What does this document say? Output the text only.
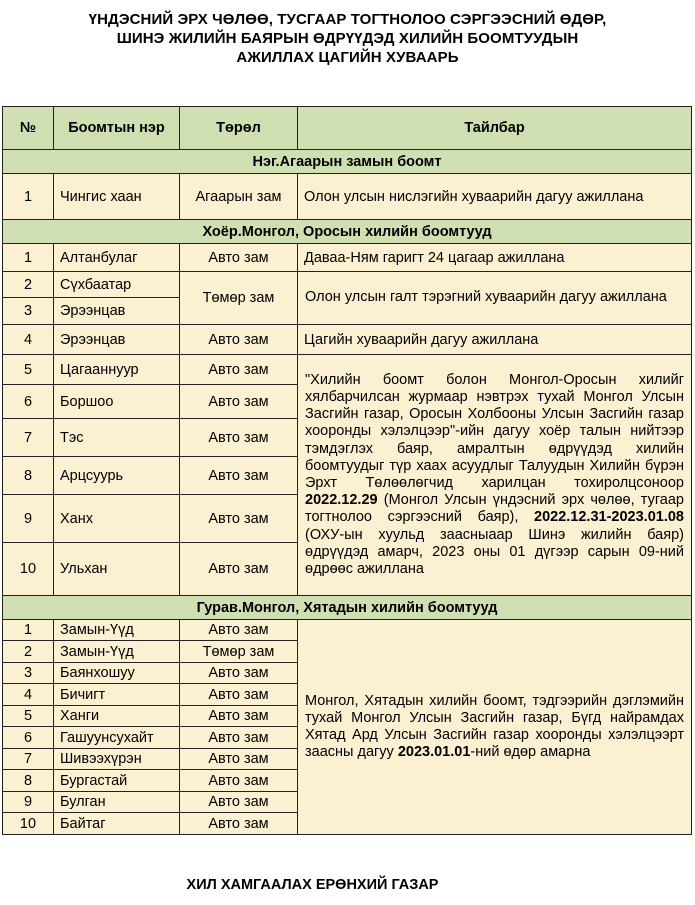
ҮНДЭСНИЙ ЭРХ ЧӨЛӨӨ, ТУСГААР ТОГТНОЛОО СЭРГЭЭСНИЙ ӨДӨР,
ШИНЭ ЖИЛИЙН БАЯРЫН ӨДРҮҮДЭД ХИЛИЙН БООМТУУДЫН
АЖИЛЛАХ ЦАГИЙН ХУВААРЬ
№	Боомтын нэр	Төрөл	Тайлбар
Нэг.Агаарын замын боомт			
1	Чингис хаан	Агаарын зам	Олон улсын нислэгийн хуваарийн дагуу ажиллана
Хоёр.Монгол, Оросын хилийн боомтууд			
1	Алтанбулаг	Авто зам	Даваа-Ням гаригт 24 цагаар ажиллана
2	Сүхбаатар	Төмөр зам	Олон улсын галт тэрэгний хуваарийн дагуу ажиллана
3	Эрээнцав		
4	Эрээнцав	Авто зам	Цагийн хуваарийн дагуу ажиллана
5	Цагааннуур	Авто зам	"Хилийн боомт болон Монгол-Оросын хилийг хялбарчилсан журмаар нэвтрэх тухай Монгол Улсын Засгийн газар, Оросын Холбооны Улсын Засгийн газар хооронды хэлэлцээр"-ийн дагуу хоёр талын нийтээр тэмдэглэх баяр, амралтын өдрүүдэд хилийн боомтуудыг түр хаах асуудлыг Талуудын Хилийн бүрэн Эрхт Төлөөлөгчид харилцан тохиролцсоноор 2022.12.29 (Монгол Улсын үндэсний эрх чөлөө, тугаар тогтнолоо сэргээсний баяр), 2022.12.31-2023.01.08 (ОХУ-ын хуульд заасныаар Шинэ жилийн баяр) өдрүүдэд амарч, 2023 оны 01 дүгээр сарын 09-ний өдрөөс ажиллана
6	Боршоо	Авто зам	
7	Тэс	Авто зам	
8	Арцсуурь	Авто зам	
9	Ханх	Авто зам	
10	Ульхан	Авто зам	
Гурав.Монгол, Хятадын хилийн боомтууд			
1	Замын-Үүд	Авто зам	Монгол, Хятадын хилийн боомт, тэдгээрийн дэглэмийн тухай Монгол Улсын Засгийн газар, Бүгд найрамдах Хятад Ард Улсын Засгийн газар хооронды хэлэлцээрт заасны дагуу 2023.01.01-ний өдөр амарна
2	Замын-Үүд	Төмөр зам	
3	Баянхошуу	Авто зам	
4	Бичигт	Авто зам	
5	Ханги	Авто зам	
6	Гашуунсухайт	Авто зам	
7	Шивээхүрэн	Авто зам	
8	Бургастай	Авто зам	
9	Булган	Авто зам	
10	Байтаг	Авто зам	
ХИЛ ХАМГААЛАХ ЕРӨНХИЙ ГАЗАР
